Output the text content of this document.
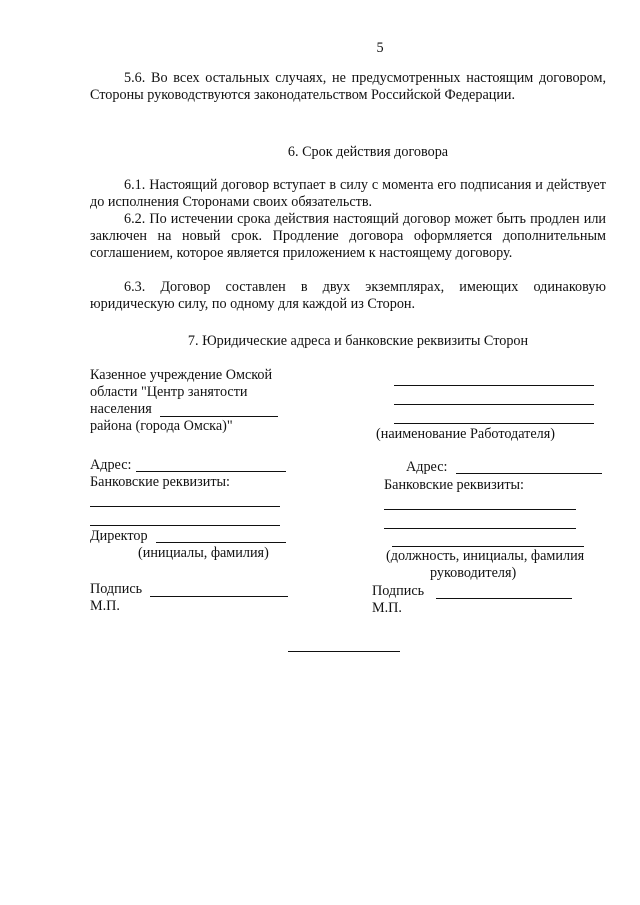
5

5.6. Во всех остальных случаях, не предусмотренных настоящим договором, Стороны руководствуются законодательством Российской Федерации.

6. Срок действия договора

6.1. Настоящий договор вступает в силу с момента его подписания и действует до исполнения Сторонами своих обязательств.

6.2. По истечении срока действия настоящий договор может быть продлен или заключен на новый срок. Продление договора оформляется дополнительным соглашением, которое является приложением к настоящему договору.

6.3. Договор составлен в двух экземплярах, имеющих одинаковую юридическую силу, по одному для каждой из Сторон.

7. Юридические адреса и банковские реквизиты Сторон

Казенное учреждение Омской

области "Центр занятости

населения

района (города Омска)"

Адрес:

Банковские реквизиты:

Директор

(инициалы, фамилия)

Подпись

М.П.

(наименование Работодателя)

Адрес:

Банковские реквизиты:

(должность, инициалы, фамилия

руководителя)

Подпись

М.П.
